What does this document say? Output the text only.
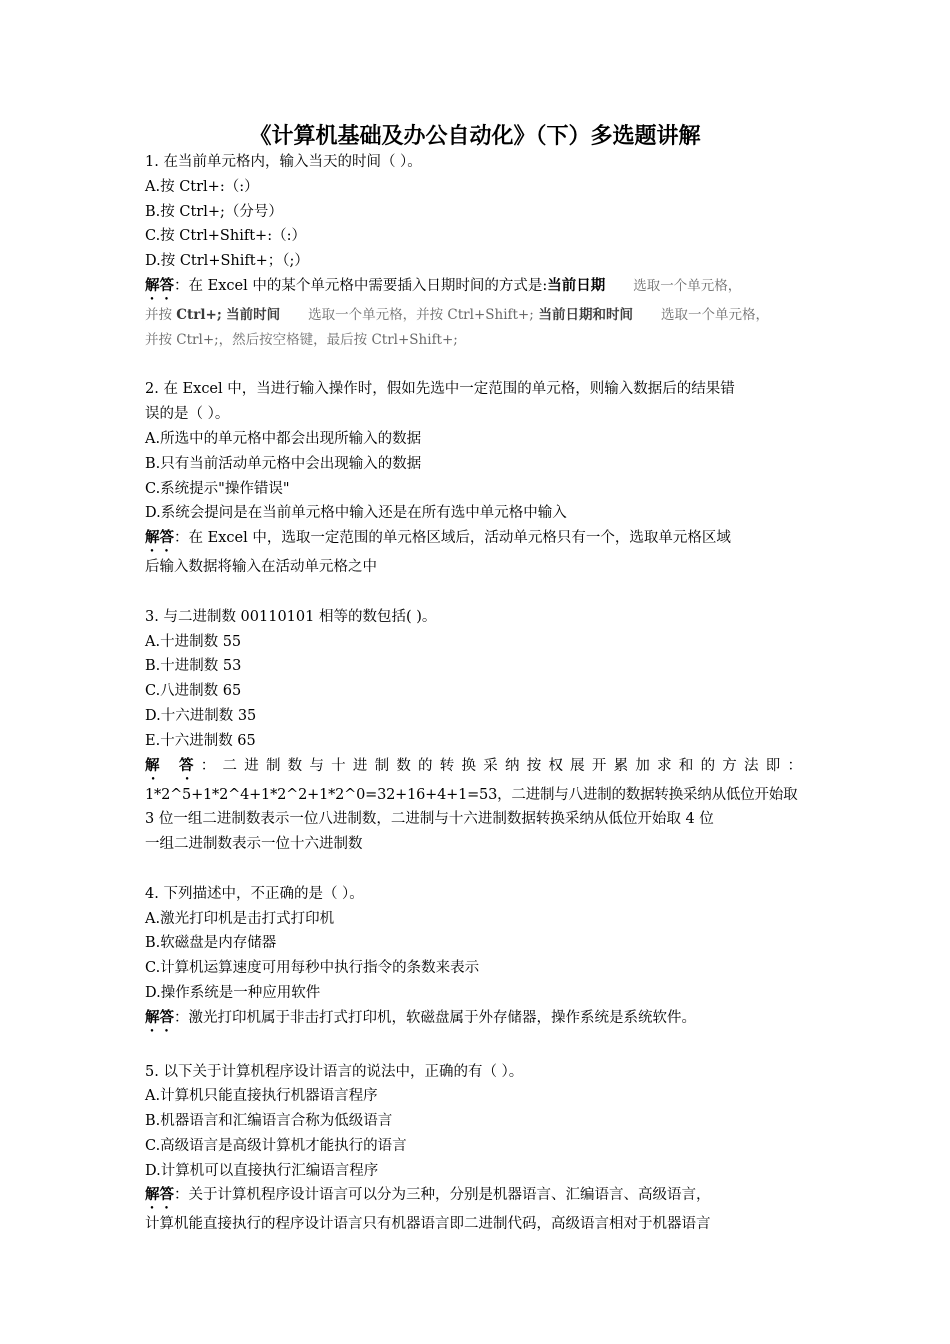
《计算机基础及办公自动化》（下）多选题讲解
1. 在当前单元格内，输入当天的时间（ ）。
A.按 Ctrl+:（:）
B.按 Ctrl+;（分号）
C.按 Ctrl+Shift+:（:）
D.按 Ctrl+Shift+；（;）
解答：在 Excel 中的某个单元格中需要插入日期时间的方式是:当前日期 选取一个单元格，
并按 Ctrl+; 当前时间 选取一个单元格，并按 Ctrl+Shift+; 当前日期和时间 选取一个单元格，
并按 Ctrl+;，然后按空格键，最后按 Ctrl+Shift+;
2. 在 Excel 中，当进行输入操作时，假如先选中一定范围的单元格，则输入数据后的结果错
误的是（ ）。
A.所选中的单元格中都会出现所输入的数据
B.只有当前活动单元格中会出现输入的数据
C.系统提示"操作错误"
D.系统会提问是在当前单元格中输入还是在所有选中单元格中输入
解答：在 Excel 中，选取一定范围的单元格区域后，活动单元格只有一个，选取单元格区域
后输入数据将输入在活动单元格之中
3. 与二进制数 00110101 相等的数包括( )。
A.十进制数 55
B.十进制数 53
C.八进制数 65
D.十六进制数 35
E.十六进制数 65
解 答：二进制数与十进制数的转换采纳按权展开累加求和的方法即：
1*2^5+1*2^4+1*2^2+1*2^0=32+16+4+1=53，二进制与八进制的数据转换采纳从低位开始取
3 位一组二进制数表示一位八进制数，二进制与十六进制数据转换采纳从低位开始取 4 位
一组二进制数表示一位十六进制数
4. 下列描述中，不正确的是（ ）。
A.激光打印机是击打式打印机
B.软磁盘是内存储器
C.计算机运算速度可用每秒中执行指令的条数来表示
D.操作系统是一种应用软件
解答：激光打印机属于非击打式打印机，软磁盘属于外存储器，操作系统是系统软件。
5. 以下关于计算机程序设计语言的说法中，正确的有（ ）。
A.计算机只能直接执行机器语言程序
B.机器语言和汇编语言合称为低级语言
C.高级语言是高级计算机才能执行的语言
D.计算机可以直接执行汇编语言程序
解答：关于计算机程序设计语言可以分为三种，分别是机器语言、汇编语言、高级语言，
计算机能直接执行的程序设计语言只有机器语言即二进制代码，高级语言相对于机器语言
